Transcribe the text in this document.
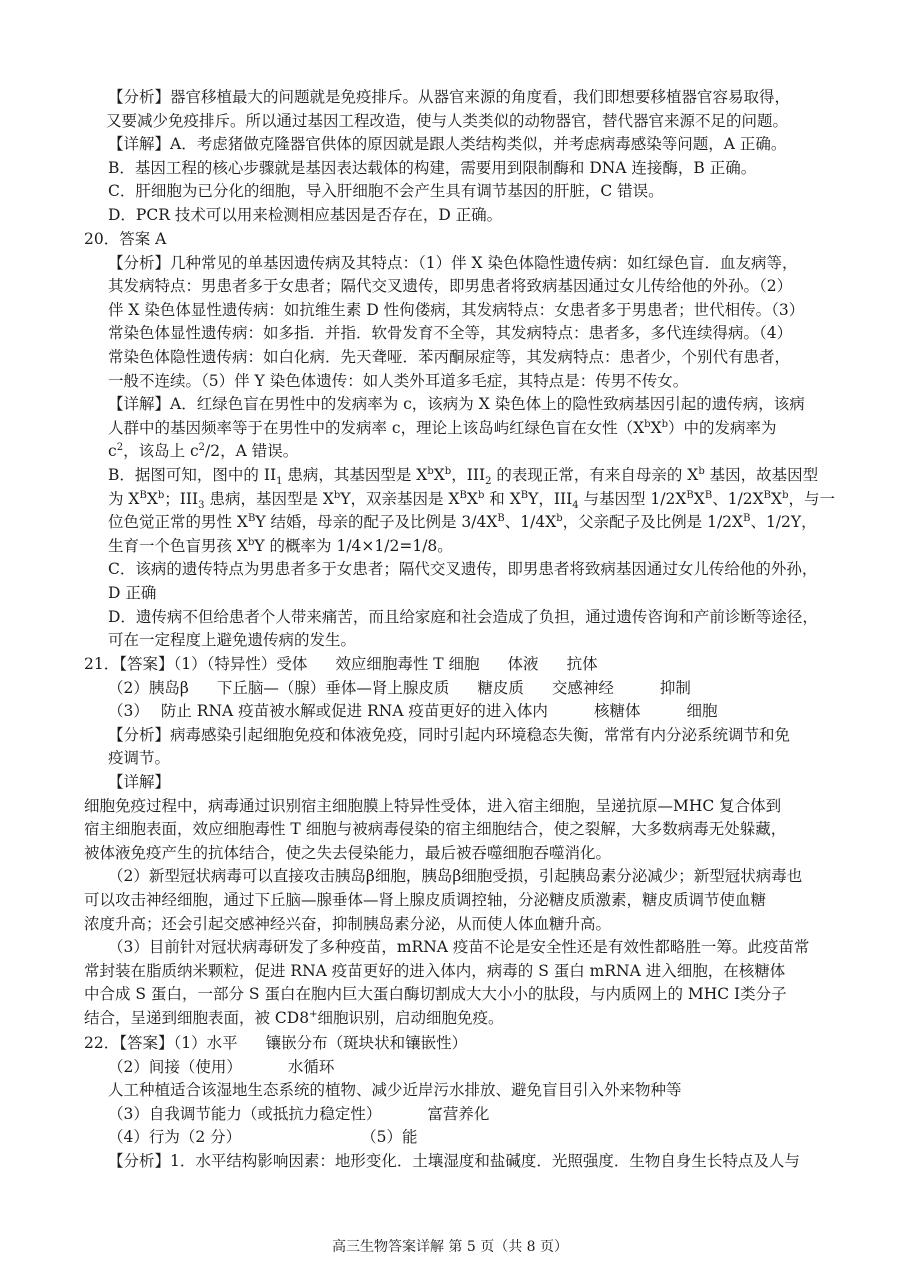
【分析】器官移植最大的问题就是免疫排斥。从器官来源的角度看，我们即想要移植器官容易取得，
又要减少免疫排斥。所以通过基因工程改造，使与人类类似的动物器官，替代器官来源不足的问题。
【详解】A．考虑猪做克隆器官供体的原因就是跟人类结构类似，并考虑病毒感染等问题，A 正确。
B．基因工程的核心步骤就是基因表达载体的构建，需要用到限制酶和 DNA 连接酶，B 正确。
C．肝细胞为已分化的细胞，导入肝细胞不会产生具有调节基因的肝脏，C 错误。
D．PCR 技术可以用来检测相应基因是否存在，D 正确。
20．答案 A
【分析】几种常见的单基因遗传病及其特点：（1）伴 X 染色体隐性遗传病：如红绿色盲．血友病等，
其发病特点：男患者多于女患者；隔代交叉遗传，即男患者将致病基因通过女儿传给他的外孙。（2）
伴 X 染色体显性遗传病：如抗维生素 D 性佝偻病，其发病特点：女患者多于男患者；世代相传。（3）
常染色体显性遗传病：如多指．并指．软骨发育不全等，其发病特点：患者多，多代连续得病。（4）
常染色体隐性遗传病：如白化病．先天聋哑．苯丙酮尿症等，其发病特点：患者少，个别代有患者，
一般不连续。（5）伴 Y 染色体遗传：如人类外耳道多毛症，其特点是：传男不传女。
【详解】A．红绿色盲在男性中的发病率为 c，该病为 X 染色体上的隐性致病基因引起的遗传病，该病
人群中的基因频率等于在男性中的发病率 c，理论上该岛屿红绿色盲在女性$(X^bX^b)$中的发病率为
$c^2$，该岛上 $c^2/2$，A 错误。
B．据图可知，图中的 $II_1$ 患病，其基因型是 $X^bX^b$，$III_2$ 的表现正常，有来自母亲的 $X^b$ 基因，故基因型
为 $X^BX^b$；$III_3$ 患病，基因型是 $X^bY$，双亲基因是 $X^BX^b$ 和 $X^BY$，$III_4$ 与基因型 $1/2X^BX^B$、$1/2X^BX^b$，与一
位色觉正常的男性 $X^BY$ 结婚，母亲的配子及比例是 $3/4X^B$、$1/4X^b$，父亲配子及比例是 $1/2X^B$、1/2Y，
生育一个色盲男孩 $X^bY$ 的概率为 1/4×1/2=1/8。
C．该病的遗传特点为男患者多于女患者；隔代交叉遗传，即男患者将致病基因通过女儿传给他的外孙，
D 正确
D．遗传病不但给患者个人带来痛苦，而且给家庭和社会造成了负担，通过遗传咨询和产前诊断等途径，
可在一定程度上避免遗传病的发生。
21．【答案】（1）（特异性）受体 效应细胞毒性 T 细胞 体液 抗体
（2）胰岛β 下丘脑—（腺）垂体—肾上腺皮质 糖皮质 交感神经	抑制
（3） 防止 RNA 疫苗被水解或促进 RNA 疫苗更好的进入体内	核糖体	细胞
【分析】病毒感染引起细胞免疫和体液免疫，同时引起内环境稳态失衡，常常有内分泌系统调节和免
疫调节。
【详解】
细胞免疫过程中，病毒通过识别宿主细胞膜上特异性受体，进入宿主细胞，呈递抗原—MHC 复合体到
宿主细胞表面，效应细胞毒性 T 细胞与被病毒侵染的宿主细胞结合，使之裂解，大多数病毒无处躲藏，
被体液免疫产生的抗体结合，使之失去侵染能力，最后被吞噬细胞吞噬消化。
（2）新型冠状病毒可以直接攻击胰岛β细胞，胰岛β细胞受损，引起胰岛素分泌减少；新型冠状病毒也
可以攻击神经细胞，通过下丘脑—腺垂体—肾上腺皮质调控轴，分泌糖皮质激素，糖皮质调节使血糖
浓度升高；还会引起交感神经兴奋，抑制胰岛素分泌，从而使人体血糖升高。
（3）目前针对冠状病毒研发了多种疫苗，mRNA 疫苗不论是安全性还是有效性都略胜一筹。此疫苗常
常封装在脂质纳米颗粒，促进 RNA 疫苗更好的进入体内，病毒的 S 蛋白 mRNA 进入细胞，在核糖体
中合成 S 蛋白，一部分 S 蛋白在胞内巨大蛋白酶切割成大大小小的肽段，与内质网上的 MHC Ⅰ类分子
结合，呈递到细胞表面，被 CD8+细胞识别，启动细胞免疫。
22．【答案】（1）水平 镶嵌分布（斑块状和镶嵌性）
（2）间接（使用）	水循环
人工种植适合该湿地生态系统的植物、减少近岸污水排放、避免盲目引入外来物种等
（3）自我调节能力（或抵抗力稳定性）	富营养化
（4）行为（2 分）	（5）能
【分析】1．水平结构影响因素：地形变化．土壤湿度和盐碱度．光照强度．生物自身生长特点及人与
高三生物答案详解 第 5 页（共 8 页）
